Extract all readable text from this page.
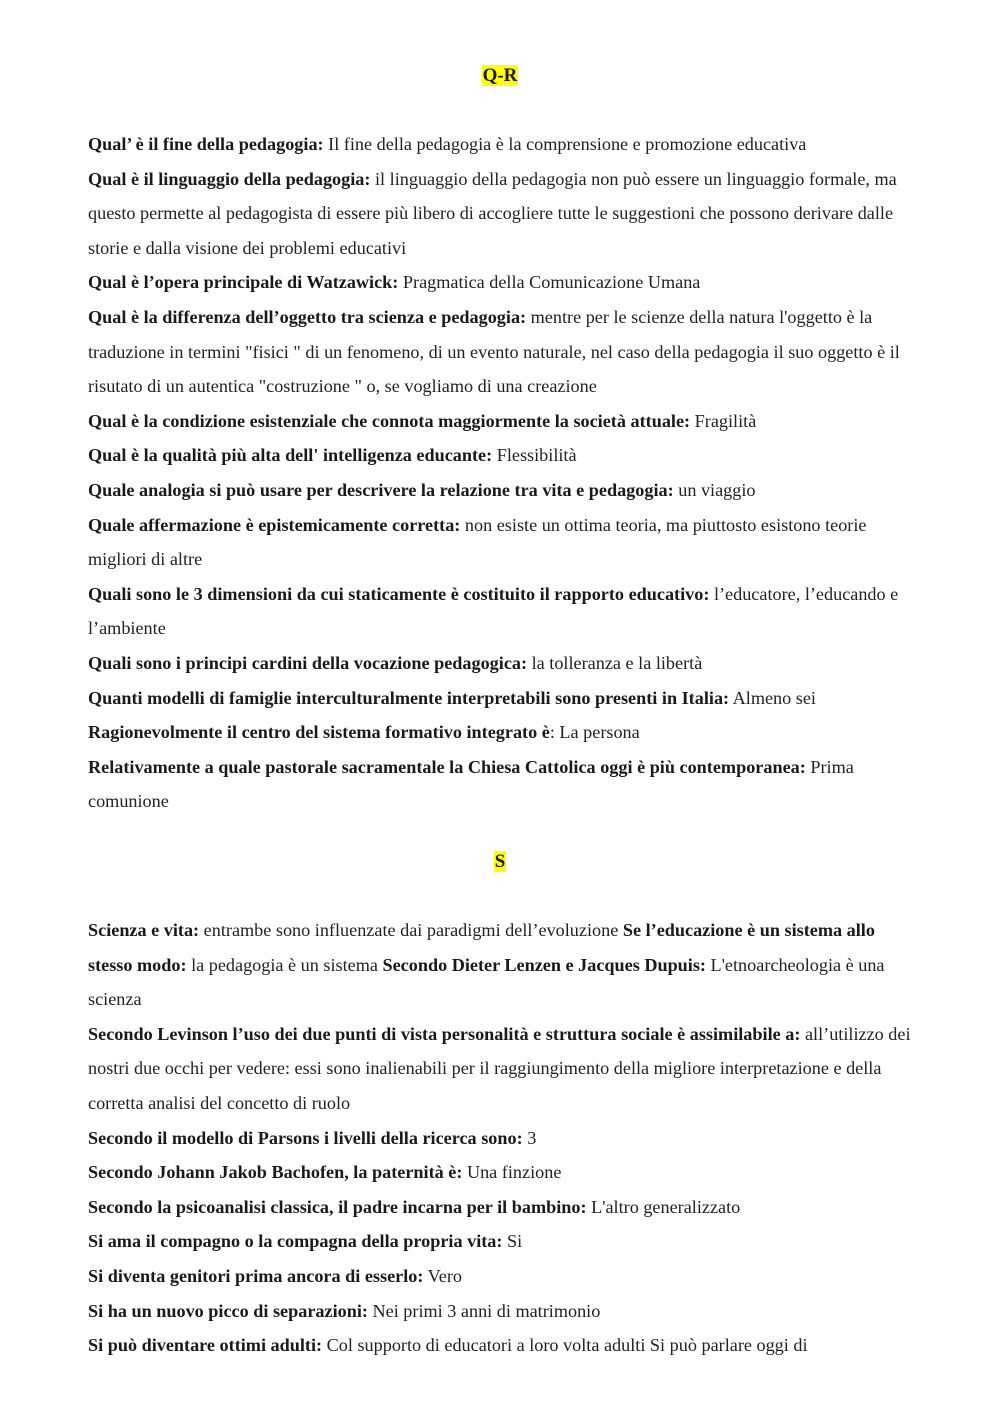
Q-R

Qual’ è il fine della pedagogia: Il fine della pedagogia è la comprensione e promozione educativa

Qual è il linguaggio della pedagogia: il linguaggio della pedagogia non può essere un linguaggio formale, ma questo permette al pedagogista di essere più libero di accogliere tutte le suggestioni che possono derivare dalle storie e dalla visione dei problemi educativi

Qual è l’opera principale di Watzawick: Pragmatica della Comunicazione Umana

Qual è la differenza dell’oggetto tra scienza e pedagogia: mentre per le scienze della natura l'oggetto è la traduzione in termini "fisici " di un fenomeno, di un evento naturale, nel caso della pedagogia il suo oggetto è il risutato di un autentica "costruzione " o, se vogliamo di una creazione

Qual è la condizione esistenziale che connota maggiormente la società attuale: Fragilità

Qual è la qualità più alta dell' intelligenza educante: Flessibilità

Quale analogia si può usare per descrivere la relazione tra vita e pedagogia: un viaggio

Quale affermazione è epistemicamente corretta: non esiste un ottima teoria, ma piuttosto esistono teorie migliori di altre

Quali sono le 3 dimensioni da cui staticamente è costituito il rapporto educativo: l’educatore, l’educando e l’ambiente

Quali sono i principi cardini della vocazione pedagogica: la tolleranza e la libertà

Quanti modelli di famiglie interculturalmente interpretabili sono presenti in Italia: Almeno sei

Ragionevolmente il centro del sistema formativo integrato è: La persona

Relativamente a quale pastorale sacramentale la Chiesa Cattolica oggi è più contemporanea: Prima comunione

S

Scienza e vita: entrambe sono influenzate dai paradigmi dell’evoluzione Se l’educazione è un sistema allo stesso modo: la pedagogia è un sistema Secondo Dieter Lenzen e Jacques Dupuis: L'etnoarcheologia è una scienza

Secondo Levinson l’uso dei due punti di vista personalità e struttura sociale è assimilabile a: all’utilizzo dei nostri due occhi per vedere: essi sono inalienabili per il raggiungimento della migliore interpretazione e della corretta analisi del concetto di ruolo

Secondo il modello di Parsons i livelli della ricerca sono: 3

Secondo Johann Jakob Bachofen, la paternità è: Una finzione

Secondo la psicoanalisi classica, il padre incarna per il bambino: L'altro generalizzato

Si ama il compagno o la compagna della propria vita: Si

Si diventa genitori prima ancora di esserlo: Vero

Si ha un nuovo picco di separazioni: Nei primi 3 anni di matrimonio

Si può diventare ottimi adulti: Col supporto di educatori a loro volta adulti Si può parlare oggi di
